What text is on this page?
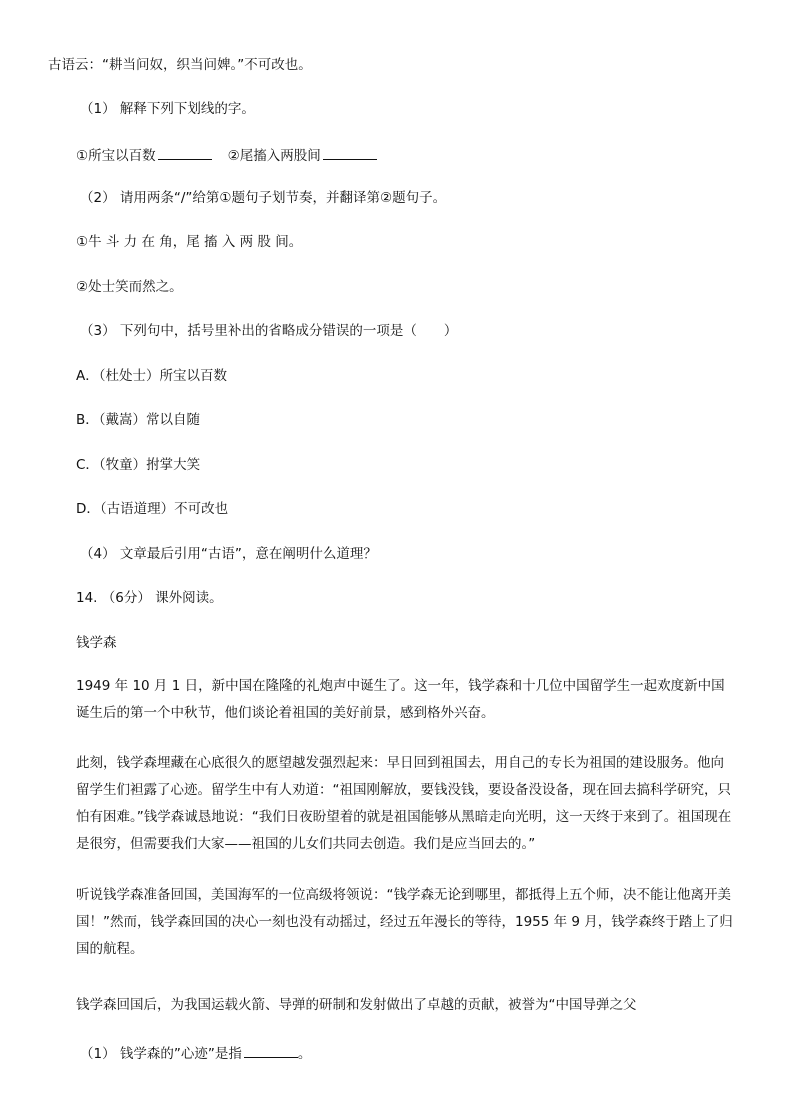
古语云：“耕当问奴，织当问婢。”不可改也。
（1） 解释下列下划线的字。
①所宝以百数	②尾搐入两股间
（2） 请用两条“/”给第①题句子划节奏，并翻译第②题句子。
①牛 斗 力 在 角，尾 搐 入 两 股 间。
②处士笑而然之。
（3） 下列句中，括号里补出的省略成分错误的一项是（　　）
A．（杜处士）所宝以百数
B．（戴嵩）常以自随
C．（牧童）拊掌大笑
D．（古语道理）不可改也
（4） 文章最后引用“古语”，意在阐明什么道理？
14. （6分） 课外阅读。
钱学森
1949 年 10 月 1 日，新中国在隆隆的礼炮声中诞生了。这一年，钱学森和十几位中国留学生一起欢度新中国诞生后的第一个中秋节，他们谈论着祖国的美好前景，感到格外兴奋。
此刻，钱学森埋藏在心底很久的愿望越发强烈起来：早日回到祖国去，用自己的专长为祖国的建设服务。他向留学生们袒露了心迹。留学生中有人劝道：“祖国刚解放，要钱没钱，要设备没设备，现在回去搞科学研究，只怕有困难。”钱学森诚恳地说：“我们日夜盼望着的就是祖国能够从黑暗走向光明，这一天终于来到了。祖国现在是很穷，但需要我们大家——祖国的儿女们共同去创造。我们是应当回去的。”
听说钱学森准备回国，美国海军的一位高级将领说：“钱学森无论到哪里，都抵得上五个师，决不能让他离开美国！”然而，钱学森回国的决心一刻也没有动摇过，经过五年漫长的等待，1955 年 9 月，钱学森终于踏上了归国的航程。
钱学森回国后，为我国运载火箭、导弹的研制和发射做出了卓越的贡献，被誉为“中国导弹之父
（1） 钱学森的”心迹”是指	。
